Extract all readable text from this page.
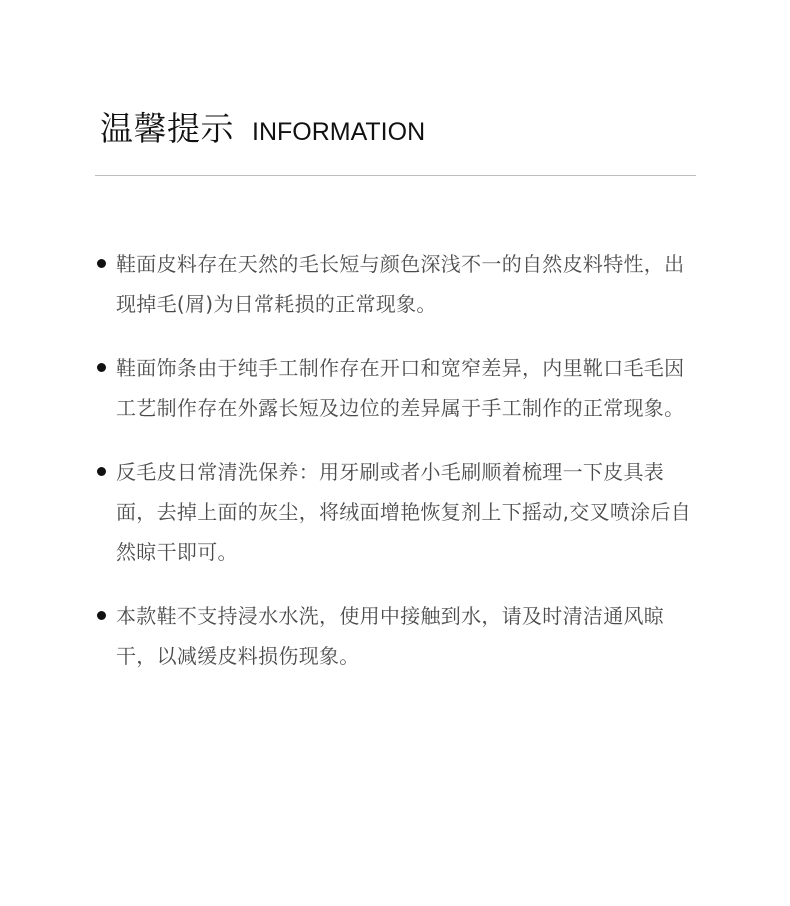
温馨提示 INFORMATION
鞋面皮料存在天然的毛长短与颜色深浅不一的自然皮料特性，出现掉毛(屑)为日常耗损的正常现象。
鞋面饰条由于纯手工制作存在开口和宽窄差异，内里靴口毛毛因工艺制作存在外露长短及边位的差异属于手工制作的正常现象。
反毛皮日常清洗保养：用牙刷或者小毛刷顺着梳理一下皮具表面，去掉上面的灰尘，将绒面增艳恢复剂上下摇动,交叉喷涂后自然晾干即可。
本款鞋不支持浸水水洗，使用中接触到水，请及时清洁通风晾干，以减缓皮料损伤现象。
